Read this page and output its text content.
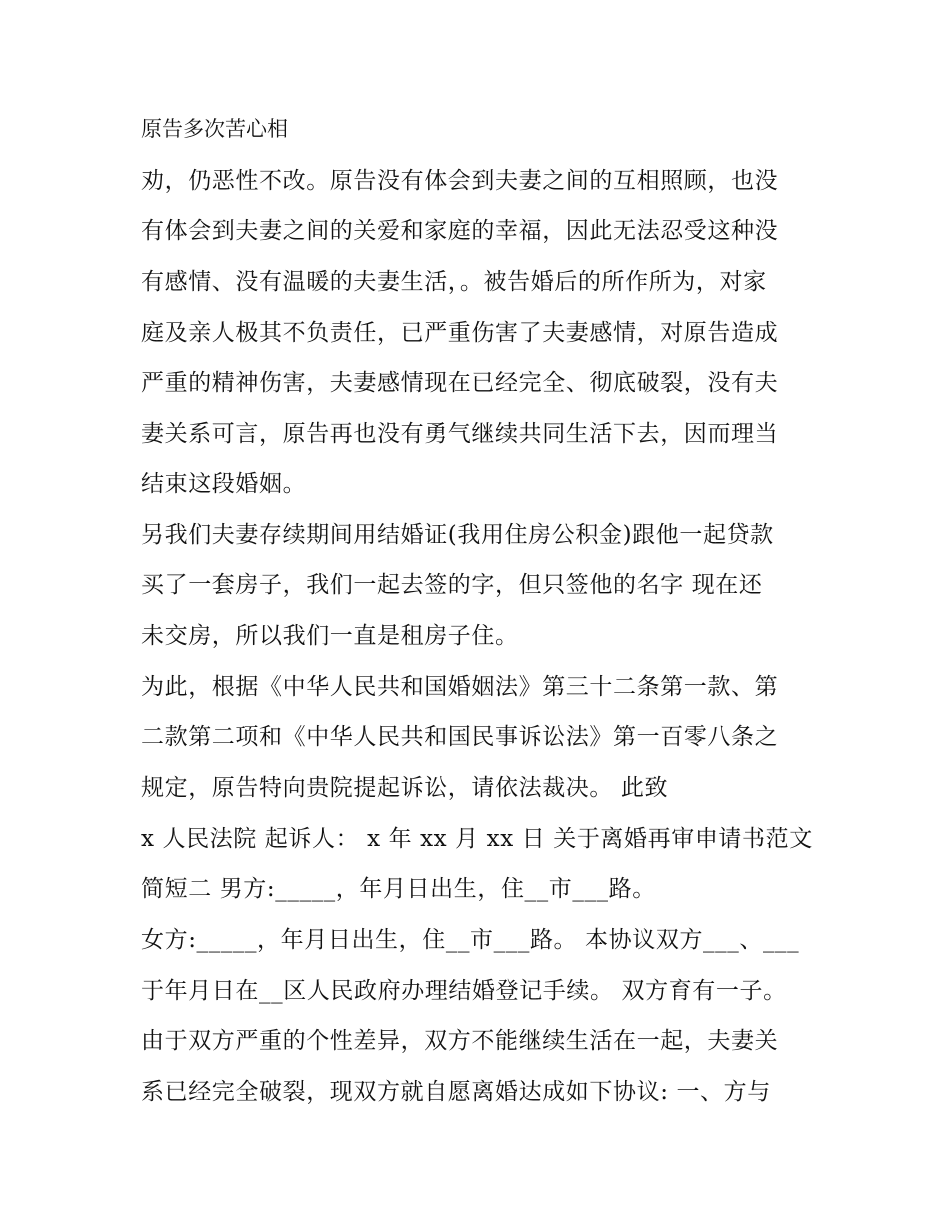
原告多次苦心相

劝，仍恶性不改。原告没有体会到夫妻之间的互相照顾，也没

有体会到夫妻之间的关爱和家庭的幸福，因此无法忍受这种没

有感情、没有温暖的夫妻生活，。被告婚后的所作所为，对家

庭及亲人极其不负责任，已严重伤害了夫妻感情，对原告造成

严重的精神伤害，夫妻感情现在已经完全、彻底破裂，没有夫

妻关系可言，原告再也没有勇气继续共同生活下去，因而理当

结束这段婚姻。

另我们夫妻存续期间用结婚证(我用住房公积金)跟他一起贷款

买了一套房子，我们一起去签的字，但只签他的名字 现在还

未交房，所以我们一直是租房子住。

为此，根据《中华人民共和国婚姻法》第三十二条第一款、第

二款第二项和《中华人民共和国民事诉讼法》第一百零八条之

规定，原告特向贵院提起诉讼，请依法裁决。 此致

x 人民法院 起诉人： x 年 xx 月 xx 日 关于离婚再审申请书范文

简短二 男方:_____，年月日出生，住__市___路。

女方:_____，年月日出生，住__市___路。 本协议双方___、___

于年月日在__区人民政府办理结婚登记手续。 双方育有一子。

由于双方严重的个性差异，双方不能继续生活在一起，夫妻关

系已经完全破裂，现双方就自愿离婚达成如下协议: 一、方与
